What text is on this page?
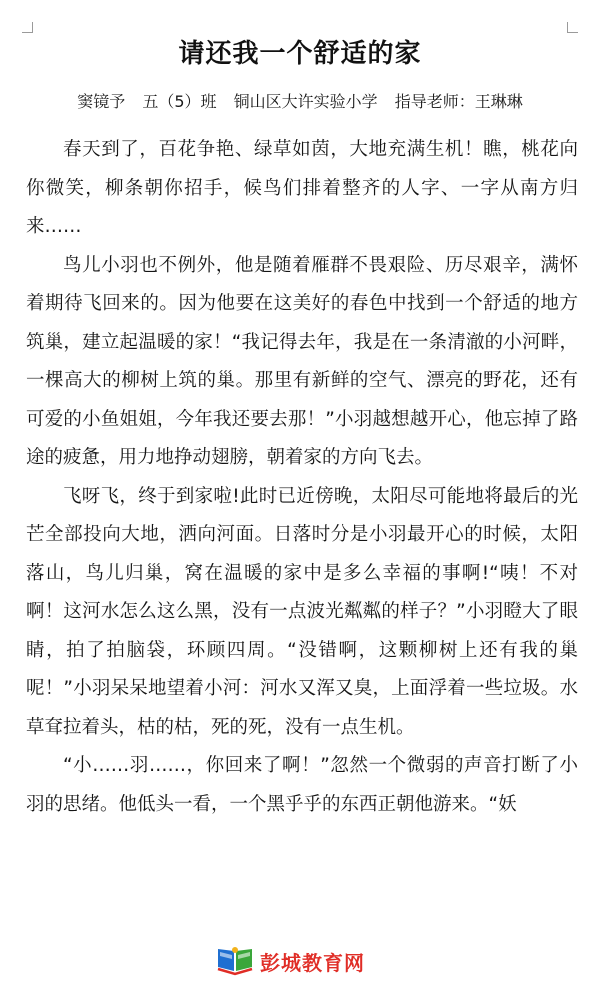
请还我一个舒适的家
窦镜予 五（5）班 铜山区大许实验小学 指导老师：王琳琳

春天到了，百花争艳、绿草如茵，大地充满生机！瞧，桃花向你微笑，柳条朝你招手，候鸟们排着整齐的人字、一字从南方归来……

鸟儿小羽也不例外，他是随着雁群不畏艰险、历尽艰辛，满怀着期待飞回来的。因为他要在这美好的春色中找到一个舒适的地方筑巢，建立起温暖的家！“我记得去年，我是在一条清澈的小河畔，一棵高大的柳树上筑的巢。那里有新鲜的空气、漂亮的野花，还有可爱的小鱼姐姐，今年我还要去那！”小羽越想越开心，他忘掉了路途的疲惫，用力地挣动翅膀，朝着家的方向飞去。

飞呀飞，终于到家啦!此时已近傍晚，太阳尽可能地将最后的光芒全部投向大地，洒向河面。日落时分是小羽最开心的时候，太阳落山，鸟儿归巢，窝在温暖的家中是多么幸福的事啊!“咦！不对啊！这河水怎么这么黑，没有一点波光粼粼的样子？”小羽瞪大了眼睛，拍了拍脑袋，环顾四周。“没错啊，这颗柳树上还有我的巢呢！”小羽呆呆地望着小河：河水又浑又臭，上面浮着一些垃圾。水草耷拉着头，枯的枯，死的死，没有一点生机。

“小……羽……，你回来了啊！”忽然一个微弱的声音打断了小羽的思绪。他低头一看，一个黑乎乎的东西正朝他游来。“妖

彭城教育网
